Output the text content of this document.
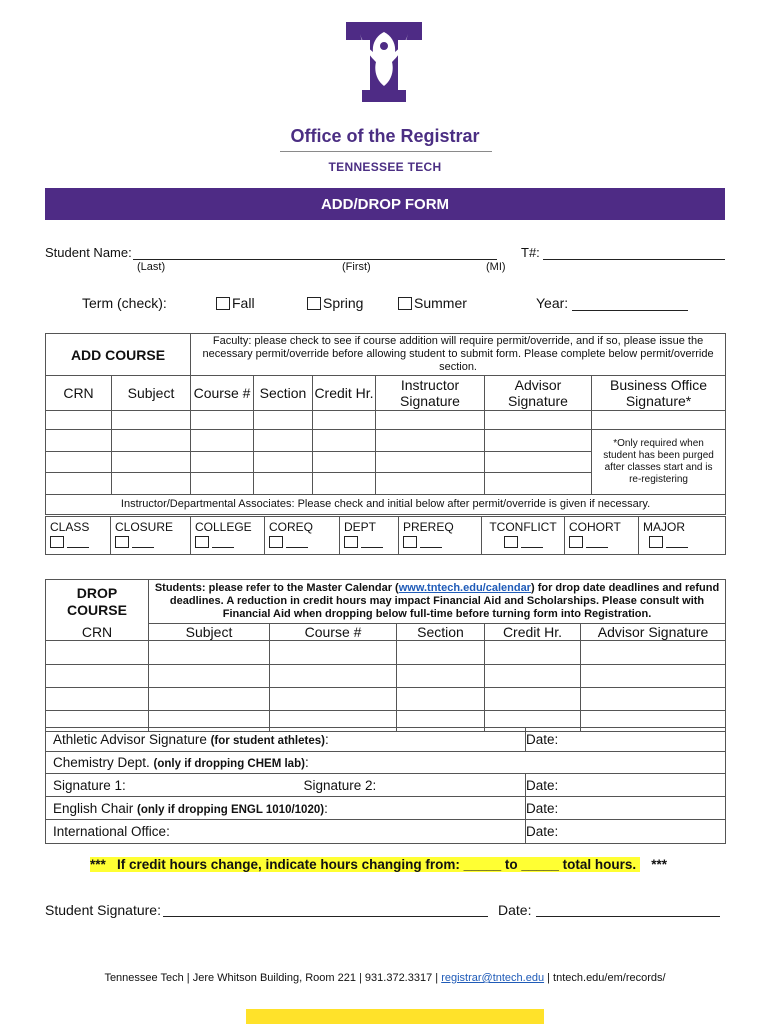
Office of the Registrar
TENNESSEE TECH
ADD/DROP FORM
Student Name:	T#:
(Last)	(First)	(MI)
Term (check):	Fall	Spring	Summer	Year:
ADD COURSE		Faculty: please check to see if course addition will require permit/override, and if so, please issue the necessary permit/override before allowing student to submit form. Please complete below permit/override section.					
CRN	Subject	Course #	Section	Credit Hr.	Instructor Signature	Advisor Signature	Business Office Signature*

							*Only required when student has been purged after classes start and is re-registering

Instructor/Departmental Associates: Please check and initial below after permit/override is given if necessary.							
CLASS	CLOSURE	COLLEGE	COREQ	DEPT	PREREQ	TCONFLICT	COHORT	MAJOR
DROP COURSE	Students: please refer to the Master Calendar (www.tntech.edu/calendar) for drop date deadlines and refund deadlines. A reduction in credit hours may impact Financial Aid and Scholarships. Please consult with Financial Aid when dropping below full-time before turning form into Registration.				
CRN	Subject	Course #	Section	Credit Hr.	Advisor Signature

Athletic Advisor Signature (for student athletes):	Date:
Chemistry Dept. (only if dropping CHEM lab):	
Signature 1: Signature 2:	Date:
English Chair (only if dropping ENGL 1010/1020):	Date:
International Office:	Date:
*** If credit hours change, indicate hours changing from: _____ to _____ total hours. ***
Student Signature:	Date:
Tennessee Tech | Jere Whitson Building, Room 221 | 931.372.3317 | registrar@tntech.edu | tntech.edu/em/records/
